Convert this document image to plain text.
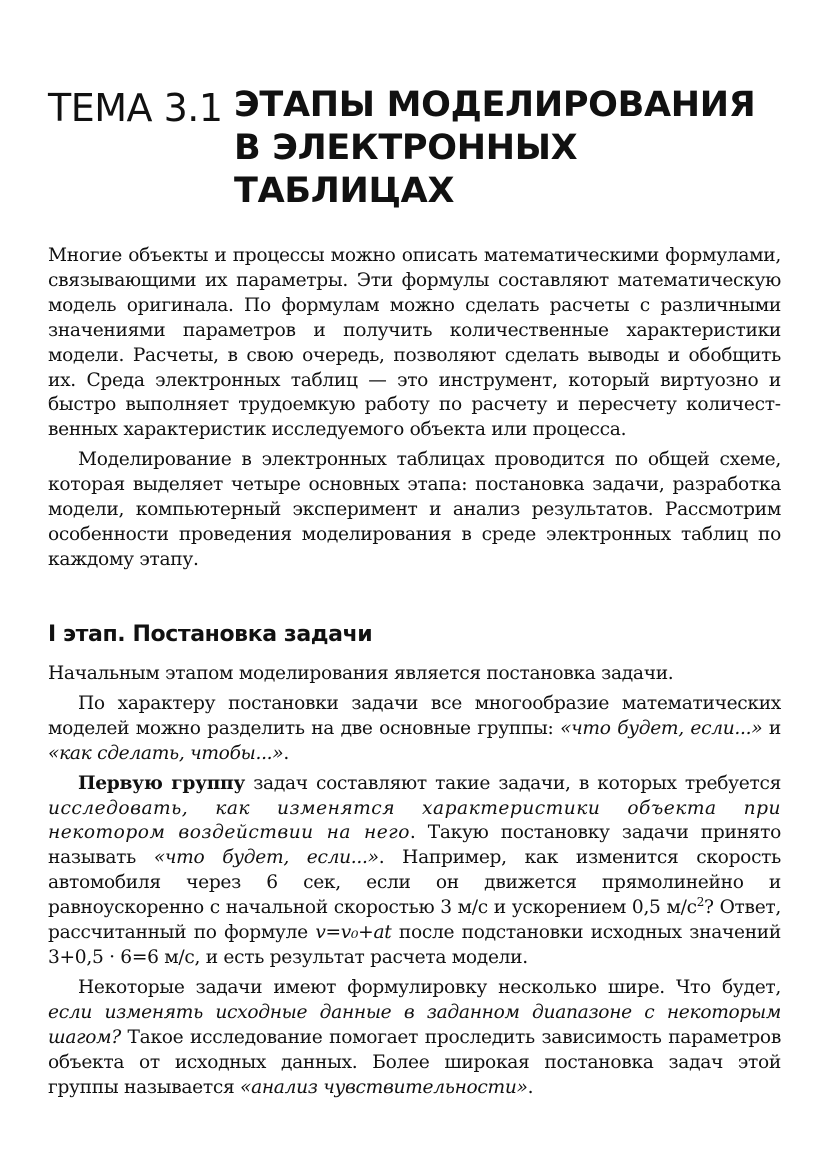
ТЕМА 3.1 ЭТАПЫ МОДЕЛИРОВАНИЯ
В ЭЛЕКТРОННЫХ
ТАБЛИЦАХ

Многие объекты и процессы можно описать математическими формулами, связывающими их параметры. Эти формулы составляют математическую модель оригинала. По формулам можно сделать расчеты с различными значениями параметров и получить количественные характеристики модели. Расчеты, в свою очередь, позволяют сделать выводы и обобщить их. Среда электронных таблиц — это инструмент, который виртуозно и быстро выполняет трудоемкую работу по расчету и пересчету количественных характеристик исследуемого объекта или процесса.

Моделирование в электронных таблицах проводится по общей схеме, которая выделяет четыре основных этапа: постановка задачи, разработка модели, компьютерный эксперимент и анализ результатов. Рассмотрим особенности проведения моделирования в среде электронных таблиц по каждому этапу.

I этап. Постановка задачи

Начальным этапом моделирования является постановка задачи.

По характеру постановки задачи все многообразие математических моделей можно разделить на две основные группы: «что будет, если...» и «как сделать, чтобы...».

Первую группу задач составляют такие задачи, в которых требуется исследовать, как изменятся характеристики объекта при некотором воздействии на него. Такую постановку задачи принято называть «что будет, если...». Например, как изменится скорость автомобиля через 6 сек, если он движется прямолинейно и равноускоренно с начальной скоростью 3 м/с и ускорением 0,5 $м/с^2$? Ответ, рассчитанный по формуле v=v₀+at после подстановки исходных значений 3+0,5 · 6=6 м/с, и есть результат расчета модели.

Некоторые задачи имеют формулировку несколько шире. Что будет, если изменять исходные данные в заданном диапазоне с некоторым шагом? Такое исследование помогает проследить зависимость параметров объекта от исходных данных. Более широкая постановка задач этой группы называется «анализ чувствительности».
